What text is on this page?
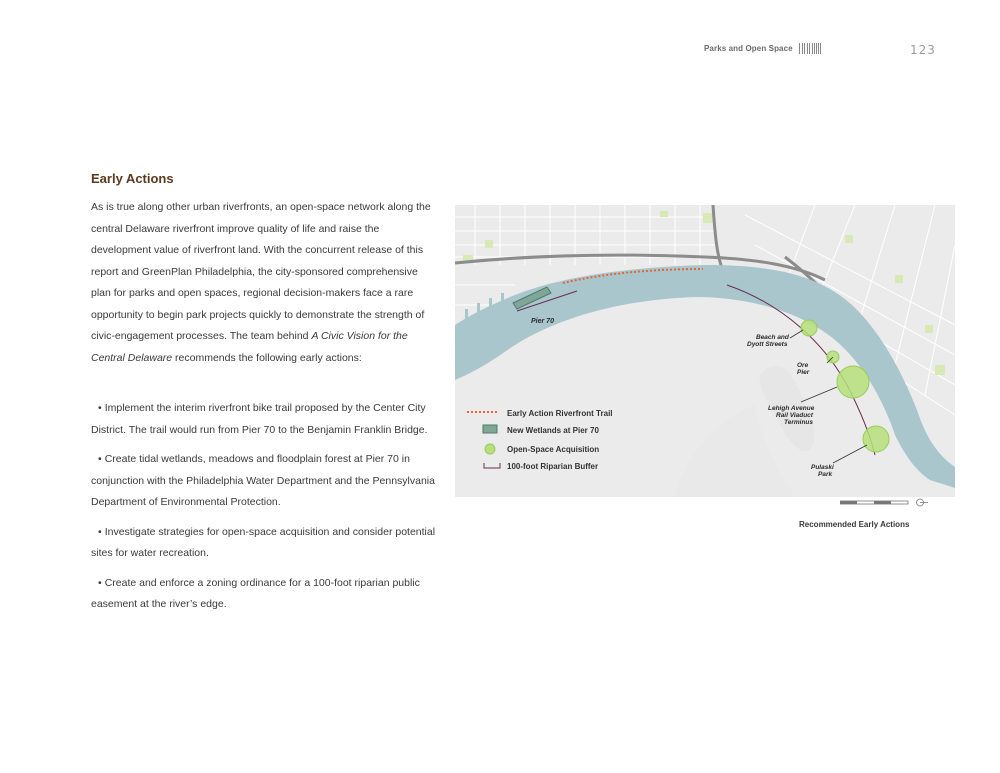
Parks and Open Space	123
Early Actions

As is true along other urban riverfronts, an open-space network along the central Delaware riverfront improve quality of life and raise the development value of riverfront land. With the concurrent release of this report and GreenPlan Philadelphia, the city-sponsored comprehensive plan for parks and open spaces, regional decision-makers face a rare opportunity to begin park projects quickly to demonstrate the strength of civic-engagement processes. The team behind A Civic Vision for the Central Delaware recommends the following early actions:

• Implement the interim riverfront bike trail proposed by the Center City District. The trail would run from Pier 70 to the Benjamin Franklin Bridge.
• Create tidal wetlands, meadows and floodplain forest at Pier 70 in conjunction with the Philadelphia Water Department and the Pennsylvania Department of Environmental Protection.
• Investigate strategies for open-space acquisition and consider potential sites for water recreation.
• Create and enforce a zoning ordinance for a 100-foot riparian public easement at the river’s edge.
Pier 70
Beach and Dyott Streets
Ore Pier
Lehigh Avenue Rail Viaduct Terminus
Pulaski Park
Early Action Riverfront Trail
New Wetlands at Pier 70
Open-Space Acquisition
100-foot Riparian Buffer
Recommended Early Actions
